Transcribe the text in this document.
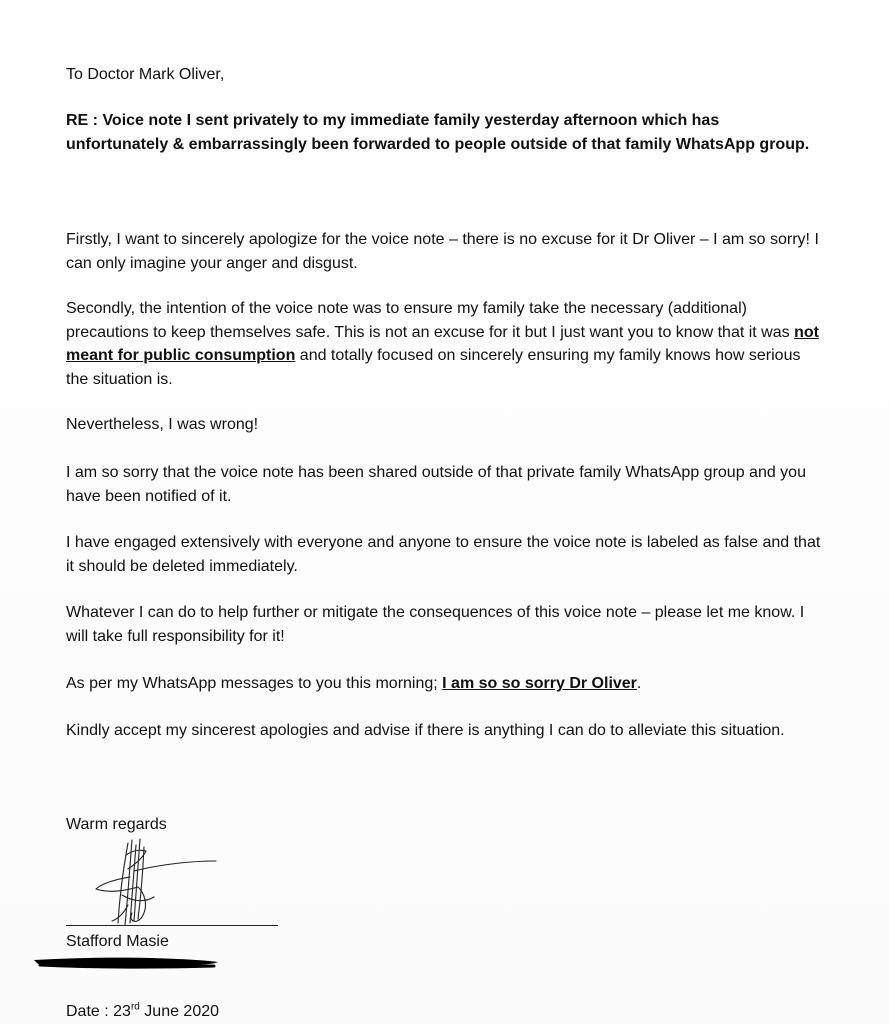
To Doctor Mark Oliver,
RE : Voice note I sent privately to my immediate family yesterday afternoon which has unfortunately & embarrassingly been forwarded to people outside of that family WhatsApp group.
Firstly, I want to sincerely apologize for the voice note – there is no excuse for it Dr Oliver – I am so sorry! I can only imagine your anger and disgust.
Secondly, the intention of the voice note was to ensure my family take the necessary (additional) precautions to keep themselves safe. This is not an excuse for it but I just want you to know that it was not meant for public consumption and totally focused on sincerely ensuring my family knows how serious the situation is.
Nevertheless, I was wrong!
I am so sorry that the voice note has been shared outside of that private family WhatsApp group and you have been notified of it.
I have engaged extensively with everyone and anyone to ensure the voice note is labeled as false and that it should be deleted immediately.
Whatever I can do to help further or mitigate the consequences of this voice note – please let me know. I will take full responsibility for it!
As per my WhatsApp messages to you this morning; I am so so sorry Dr Oliver.
Kindly accept my sincerest apologies and advise if there is anything I can do to alleviate this situation.
Warm regards
Stafford Masie
Date : 23rd June 2020
